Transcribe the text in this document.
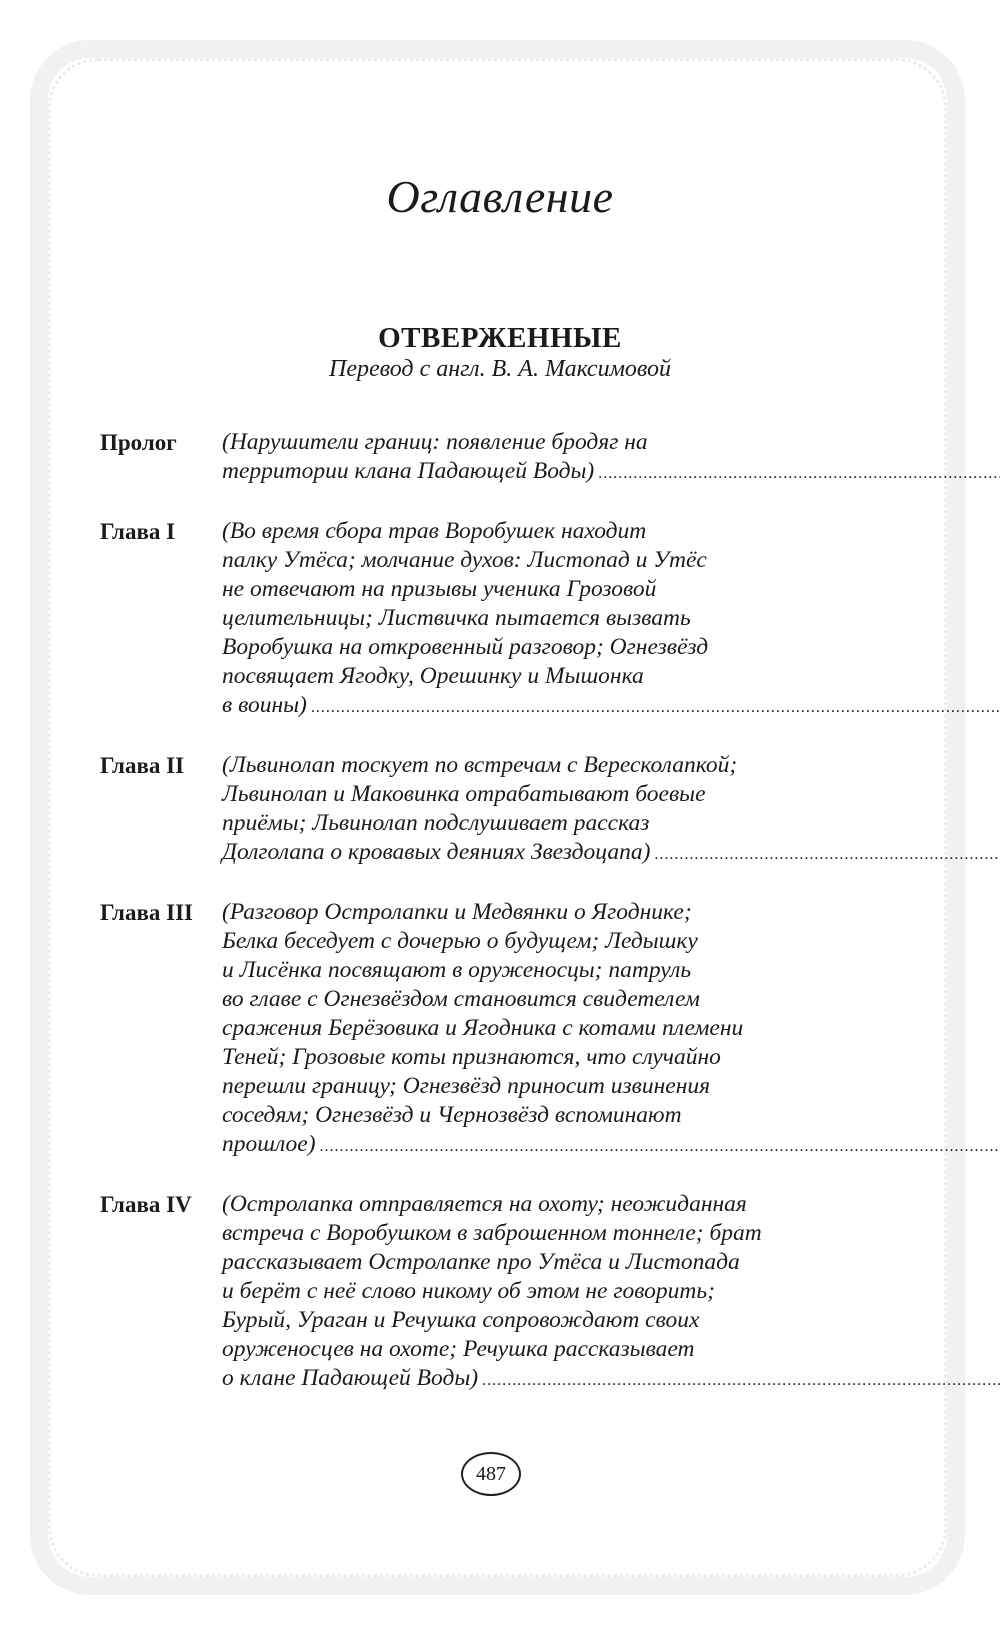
Оглавление
ОТВЕРЖЕННЫЕ
Перевод с англ. В. А. Максимовой
Пролог	(Нарушители границ: появление бродяг на
территории клана Падающей Воды)
.....
Глава I	(Во время сбора трав Воробушек находит
палку Утёса; молчание духов: Листопад и Утёс
не отвечают на призывы ученика Грозовой
целительницы; Листвичка пытается вызвать
Воробушка на откровенный разговор; Огнезвёзд
посвящает Ягодку, Орешинку и Мышонка
в воины)
.....
Глава II	(Львинолап тоскует по встречам с Вересколапкой;
Львинолап и Маковинка отрабатывают боевые
приёмы; Львинолап подслушивает рассказ
Долголапа о кровавых деяниях Звездоцапа)
.....
Глава III	(Разговор Остролапки и Медвянки о Ягоднике;
Белка беседует с дочерью о будущем; Ледышку
и Лисёнка посвящают в оруженосцы; патруль
во главе с Огнезвёздом становится свидетелем
сражения Берёзовика и Ягодника с котами племени
Теней; Грозовые коты признаются, что случайно
перешли границу; Огнезвёзд приносит извинения
соседям; Огнезвёзд и Чернозвёзд вспоминают
прошлое)
.....
Глава IV	(Остролапка отправляется на охоту; неожиданная
встреча с Воробушком в заброшенном тоннеле; брат
рассказывает Остролапке про Утёса и Листопада
и берёт с неё слово никому об этом не говорить;
Бурый, Ураган и Речушка сопровождают своих
оруженосцев на охоте; Речушка рассказывает
о клане Падающей Воды)
.....
487
